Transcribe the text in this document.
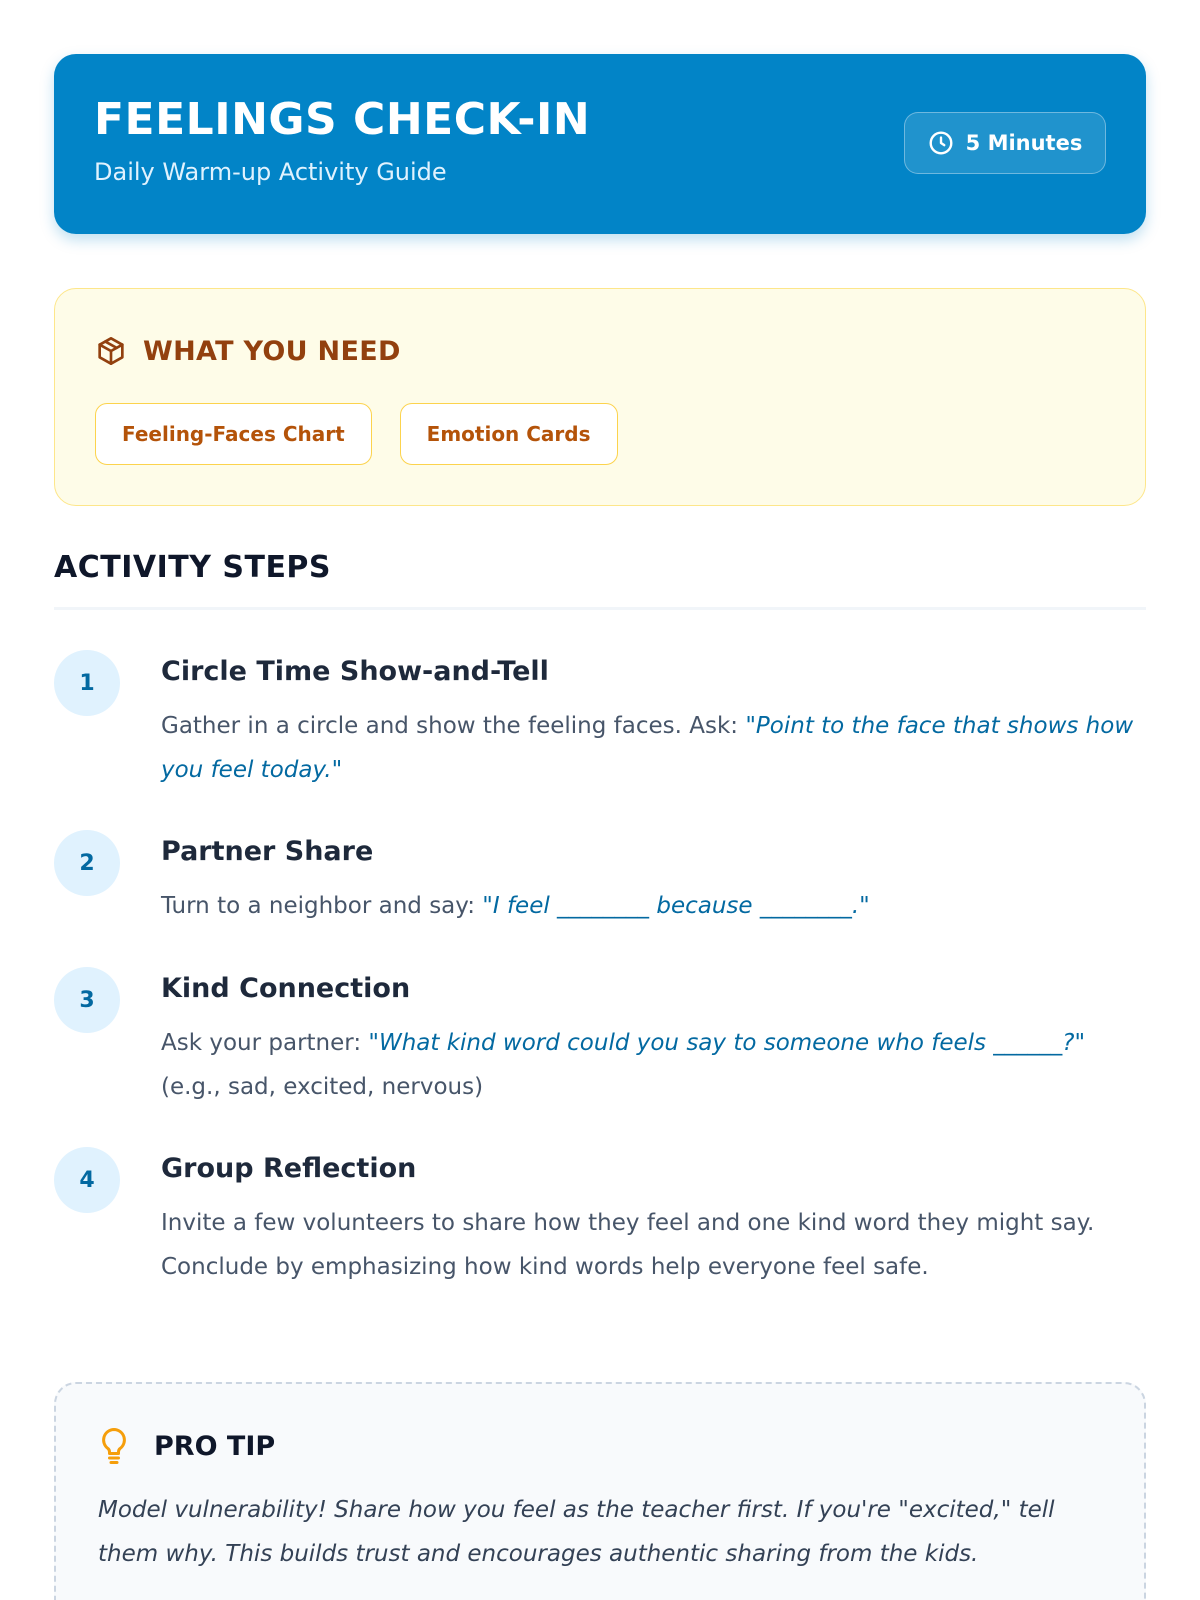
FEELINGS CHECK-IN
Daily Warm-up Activity Guide
5 Minutes
WHAT YOU NEED
Feeling-Faces Chart	Emotion Cards
ACTIVITY STEPS
1	Circle Time Show-and-Tell
Gather in a circle and show the feeling faces. Ask: "Point to the face that shows how you feel today."
2	Partner Share
Turn to a neighbor and say: "I feel ________ because ________."
3	Kind Connection
Ask your partner: "What kind word could you say to someone who feels ______?" (e.g., sad, excited, nervous)
4	Group Reflection
Invite a few volunteers to share how they feel and one kind word they might say. Conclude by emphasizing how kind words help everyone feel safe.
PRO TIP
Model vulnerability! Share how you feel as the teacher first. If you're "excited," tell them why. This builds trust and encourages authentic sharing from the kids.
